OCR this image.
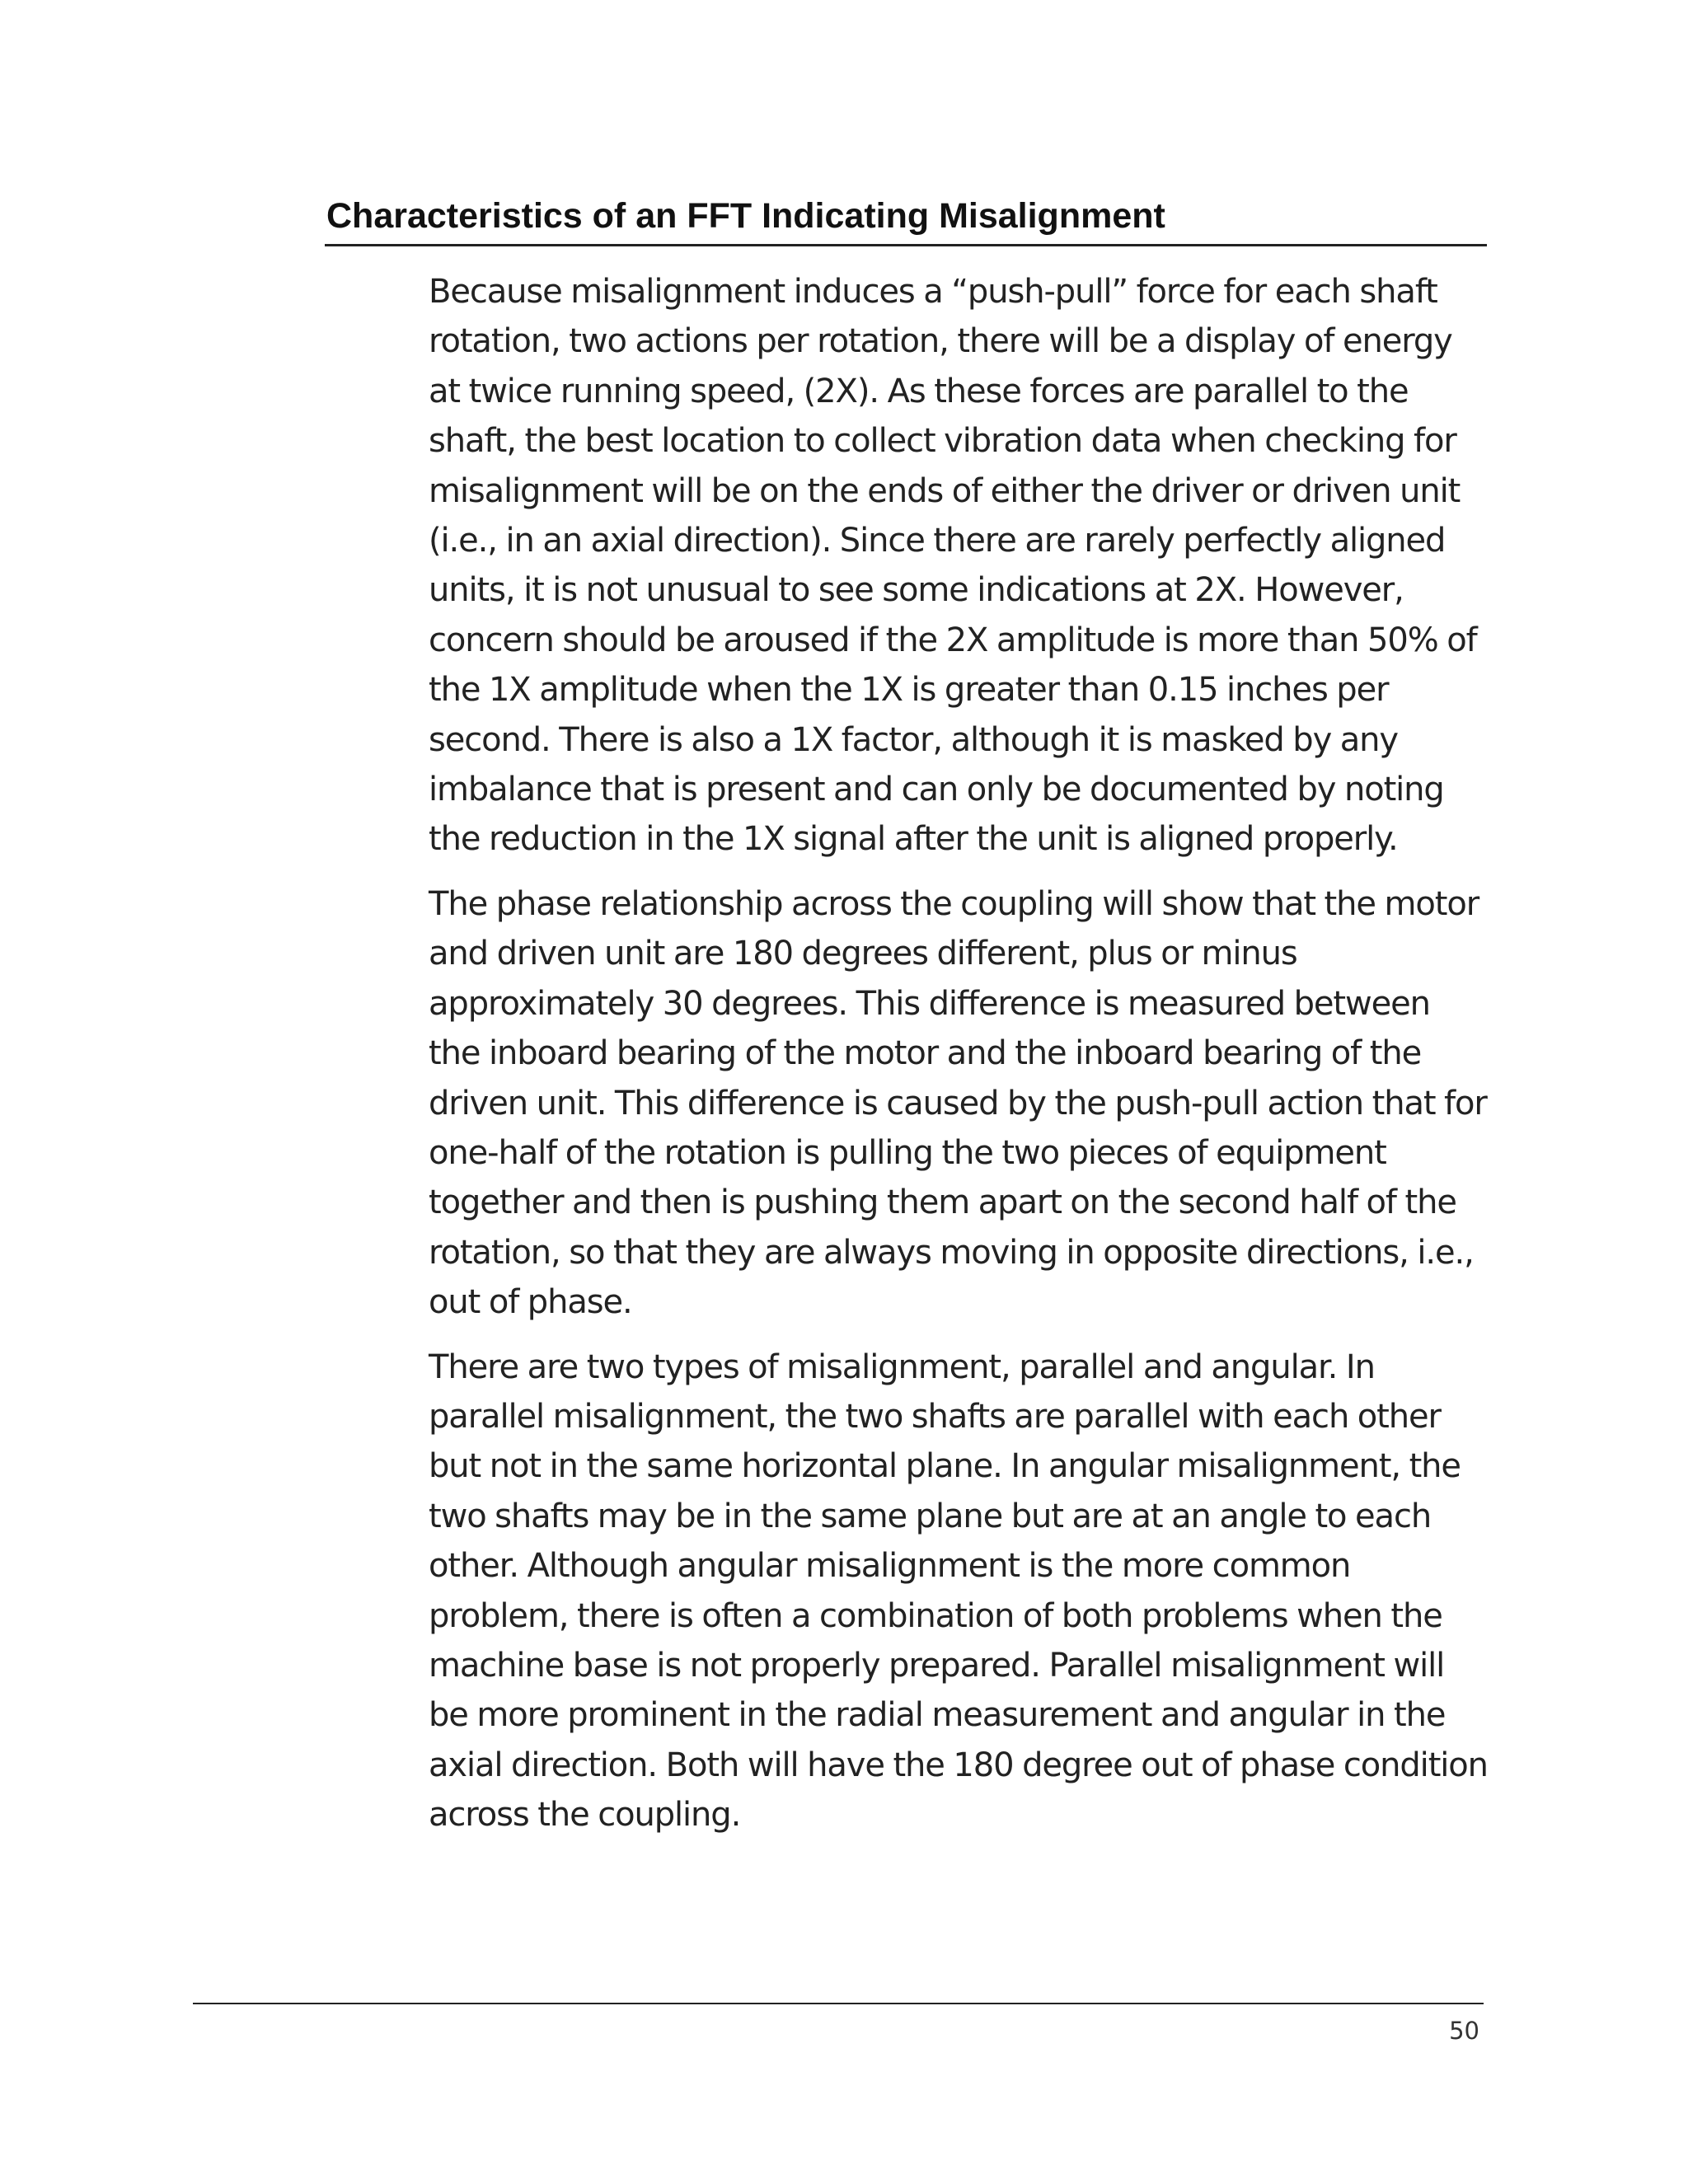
Characteristics of an FFT Indicating Misalignment

Because misalignment induces a “push-pull” force for each shaft rotation, two actions per rotation, there will be a display of energy at twice running speed, (2X). As these forces are parallel to the shaft, the best location to collect vibration data when checking for misalignment will be on the ends of either the driver or driven unit (i.e., in an axial direction). Since there are rarely perfectly aligned units, it is not unusual to see some indications at 2X. However, concern should be aroused if the 2X amplitude is more than 50% of the 1X amplitude when the 1X is greater than 0.15 inches per second. There is also a 1X factor, although it is masked by any imbalance that is present and can only be documented by noting the reduction in the 1X signal after the unit is aligned properly.

The phase relationship across the coupling will show that the motor and driven unit are 180 degrees different, plus or minus approximately 30 degrees. This difference is measured between the inboard bearing of the motor and the inboard bearing of the driven unit. This difference is caused by the push-pull action that for one-half of the rotation is pulling the two pieces of equipment together and then is pushing them apart on the second half of the rotation, so that they are always moving in opposite directions, i.e., out of phase.

There are two types of misalignment, parallel and angular. In parallel misalignment, the two shafts are parallel with each other but not in the same horizontal plane. In angular misalignment, the two shafts may be in the same plane but are at an angle to each other. Although angular misalignment is the more common problem, there is often a combination of both problems when the machine base is not properly prepared. Parallel misalignment will be more prominent in the radial measurement and angular in the axial direction. Both will have the 180 degree out of phase condition across the coupling.

50
